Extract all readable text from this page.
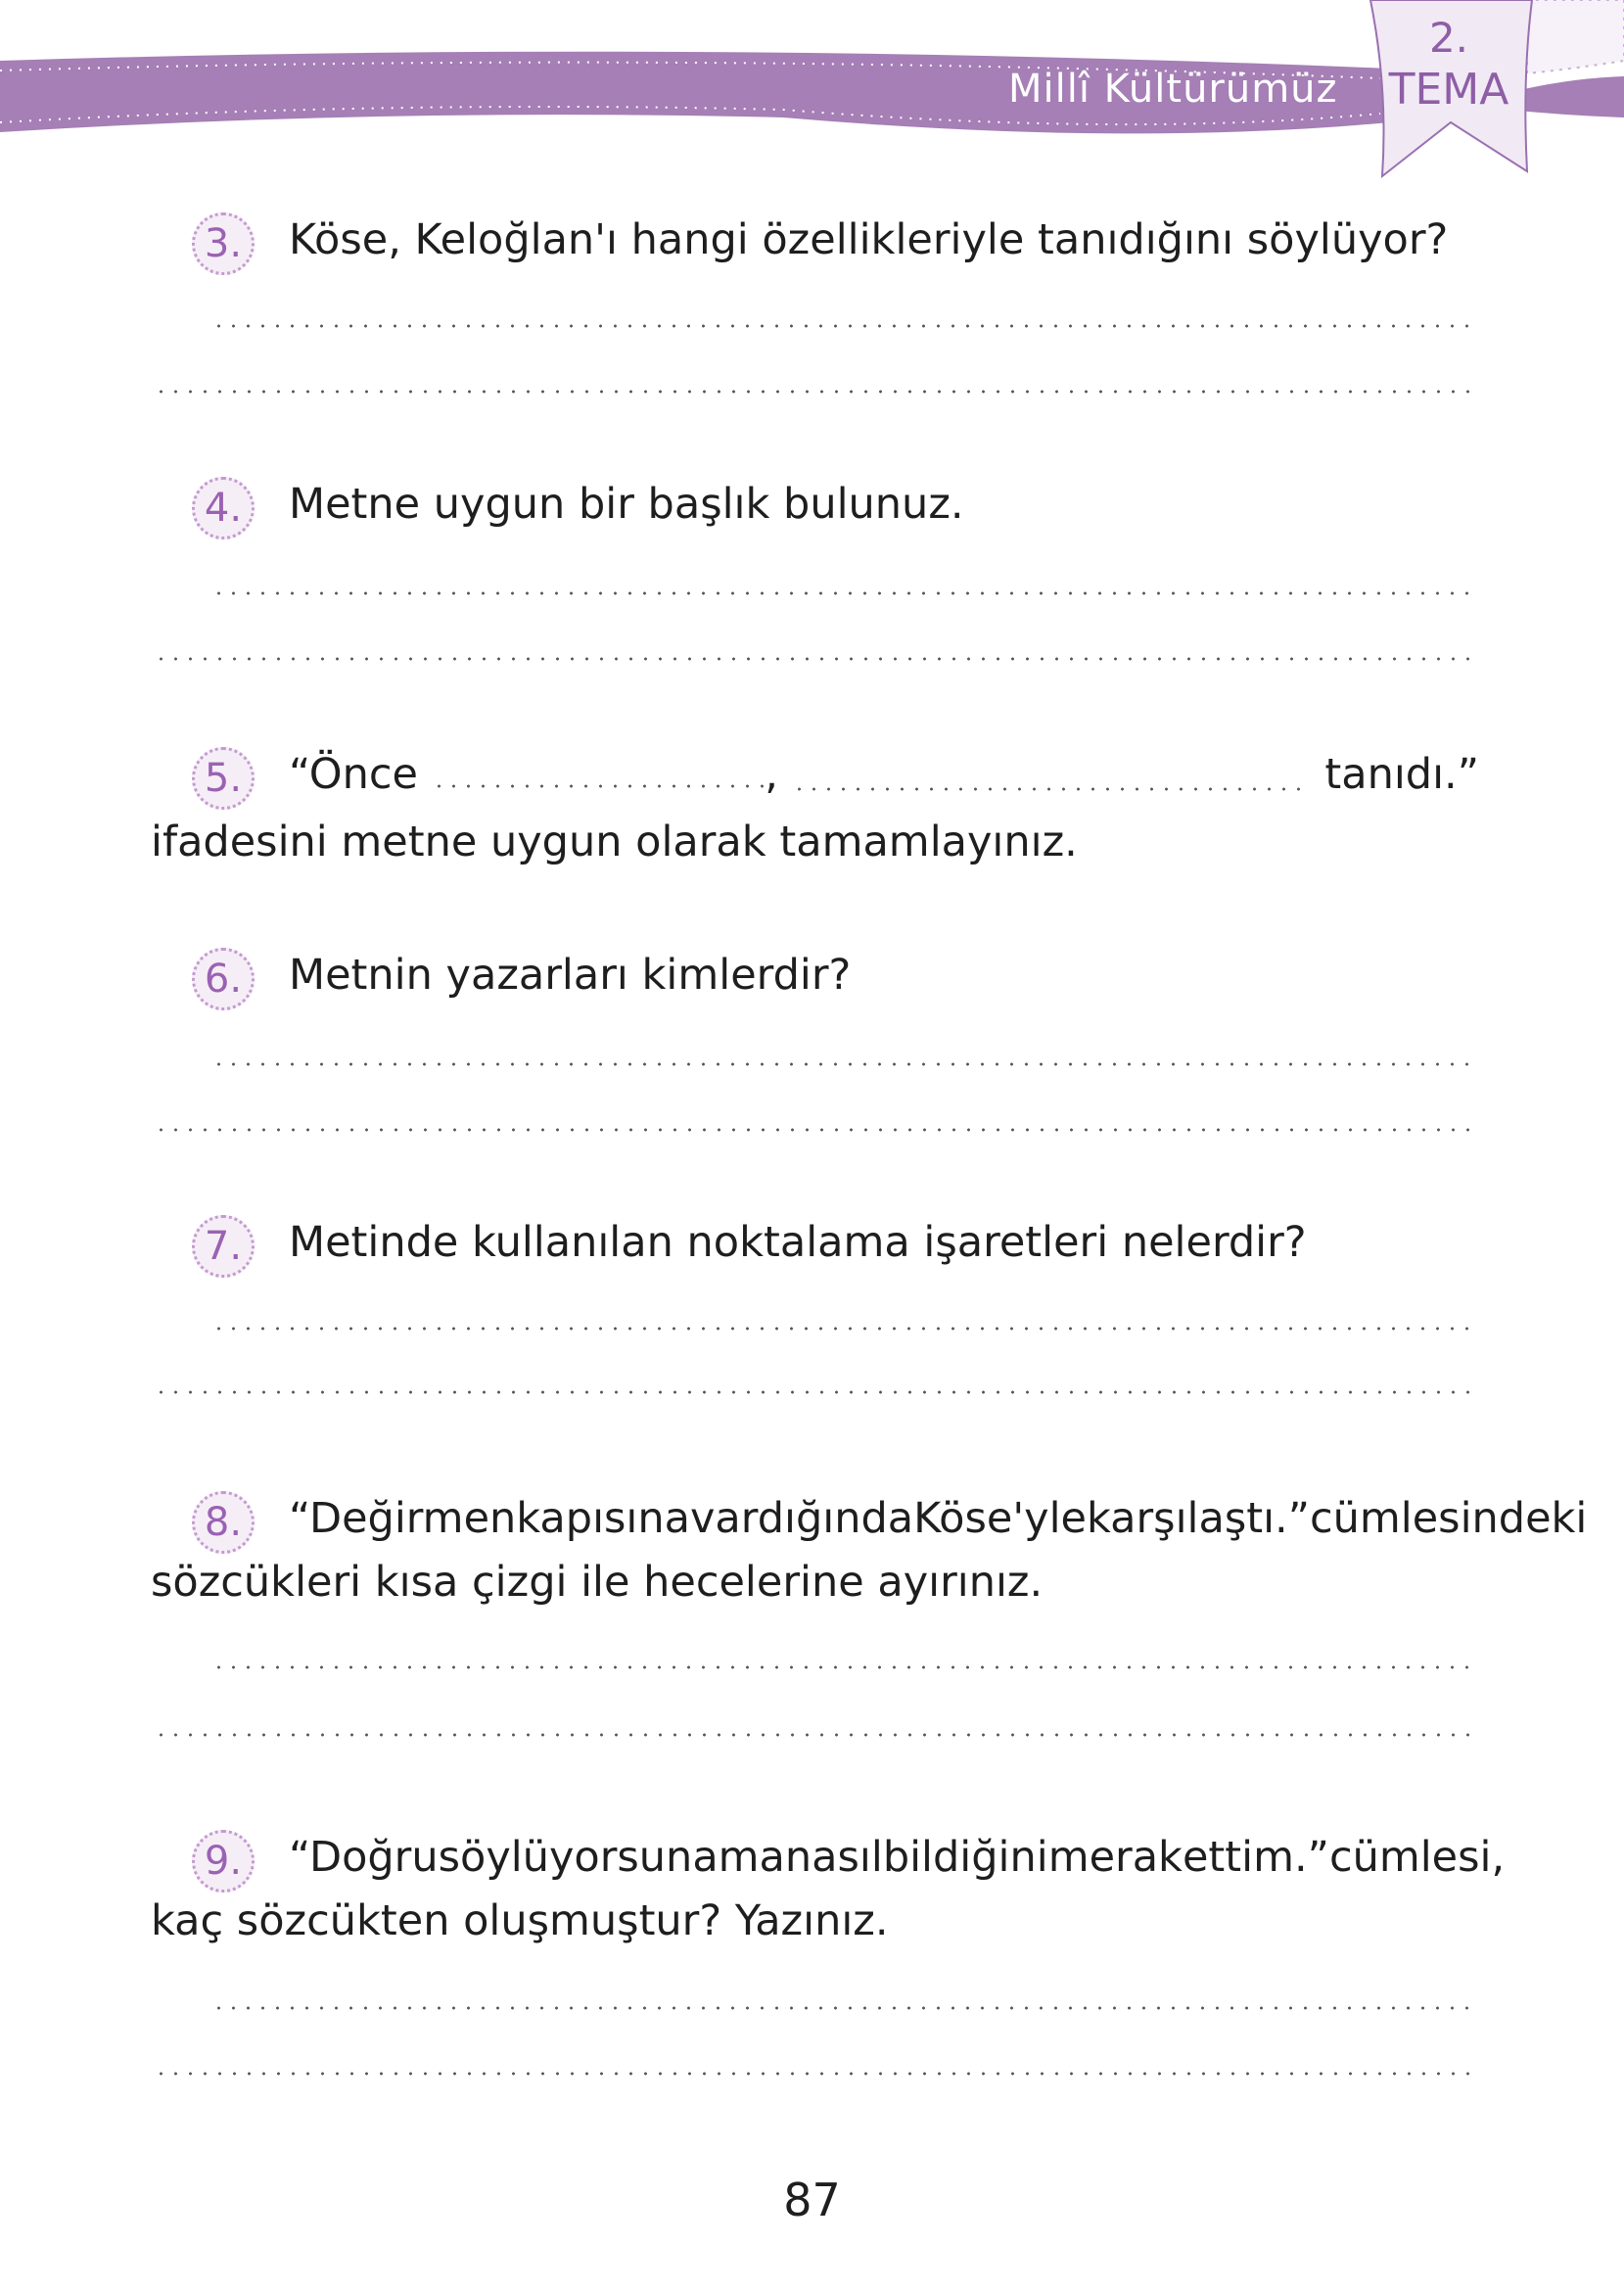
Millî Kültürümüz
2.
TEMA
3.	Köse, Keloğlan'ı hangi özellikleriyle tanıdığını söylüyor?
4.	Metne uygun bir başlık bulunuz.
5.	“Önce	,	tanıdı.”
ifadesini metne uygun olarak tamamlayınız.
6.	Metnin yazarları kimlerdir?
7.	Metinde kullanılan noktalama işaretleri nelerdir?
8.	“Değirmen kapısına vardığında Köse'yle karşılaştı.” cümlesindeki
sözcükleri kısa çizgi ile hecelerine ayırınız.
9.	“Doğru söylüyorsun ama nasıl bildiğini merak ettim.” cümlesi,
kaç sözcükten oluşmuştur? Yazınız.
87
